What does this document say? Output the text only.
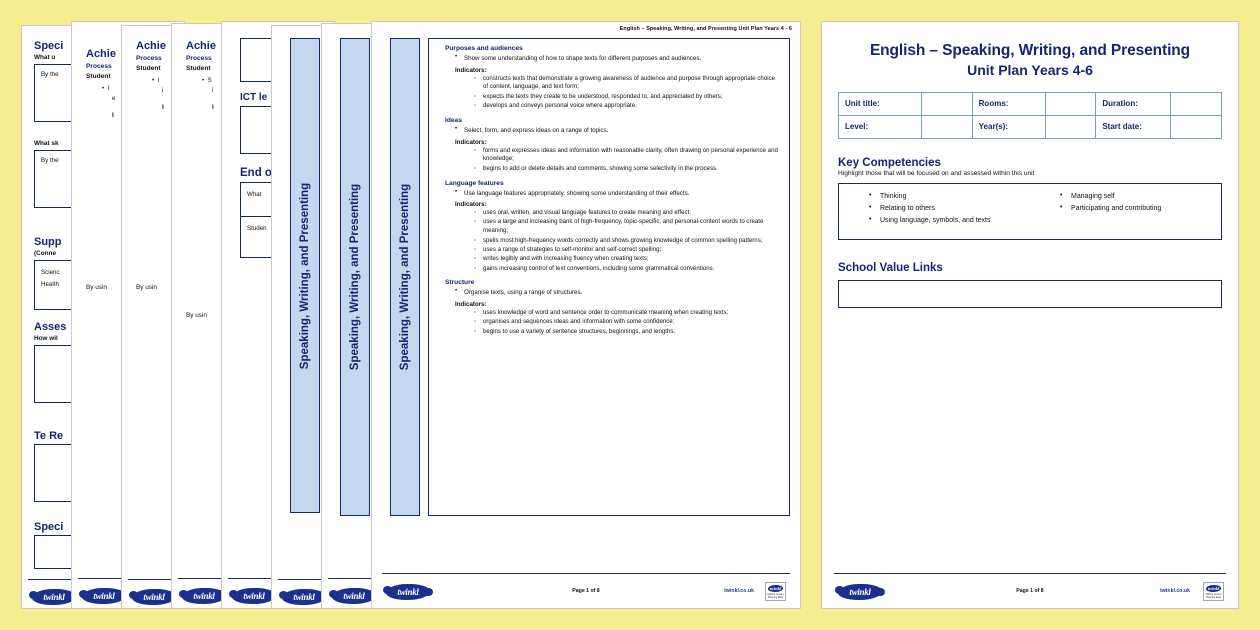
Speci
What u
By the
What sk
By the
Supp
(Conne
Scienc
Health
Asses
How wil
Te Re
Speci
twinkl
Achie
Process
Student
•  I
e
I
By usin
twinkl
Achie
Process
Student
•  I
i
I
By usin
twinkl
Achie
Process
Student
•  S
i
I
By usin
twinkl
ICT le
End o
What
Studen
twinkl
Speaking, Writing, and Presenting
twinkl
Speaking, Writing, and Presenting
twinkl
English – Speaking, Writing, and Presenting Unit Plan Years 4 - 6
Speaking, Writing, and Presenting
Purposes and audiences
• Show some understanding of how to shape texts for different purposes and audiences.
Indicators:
◦ constructs texts that demonstrate a growing awareness of audience and purpose through appropriate choice of content, language, and text form;
◦ expects the texts they create to be understood, responded to, and appreciated by others;
◦ develops and conveys personal voice where appropriate.
Ideas
• Select, form, and express ideas on a range of topics.
Indicators:
◦ forms and expresses ideas and information with reasonable clarity, often drawing on personal experience and knowledge;
◦ begins to add or delete details and comments, showing some selectivity in the process.
Language features
• Use language features appropriately, showing some understanding of their effects.
Indicators:
◦ uses oral, written, and visual language features to create meaning and effect;
◦ uses a large and increasing bank of high-frequency, topic-specific, and personal-content words to create meaning;
◦ spells most high-frequency words correctly and shows growing knowledge of common spelling patterns;
◦ uses a range of strategies to self-monitor and self-correct spelling;
◦ writes legibly and with increasing fluency when creating texts;
◦ gains increasing control of text conventions, including some grammatical conventions.
Structure
• Organise texts, using a range of structures.
Indicators:
◦ uses knowledge of word and sentence order to communicate meaning when creating texts;
◦ organises and sequences ideas and information with some confidence;
◦ begins to use a variety of sentence structures, beginnings, and lengths.
twinkl	Page 1 of 8	twinkl.co.uk	twinkl
Making Lesson
Planning Easy
English – Speaking, Writing, and Presenting
Unit Plan Years 4-6
Unit title:		Rooms:		Duration:	
Level:		Year(s):		Start date:	
Key Competencies
Highlight those that will be focused on and assessed within this unit
• Thinking
• Relating to others
• Using language, symbols, and texts
• Managing self
• Participating and contributing
School Value Links
twinkl	Page 1 of 8	twinkl.co.uk	twinkl
Making Lesson
Planning Easy
